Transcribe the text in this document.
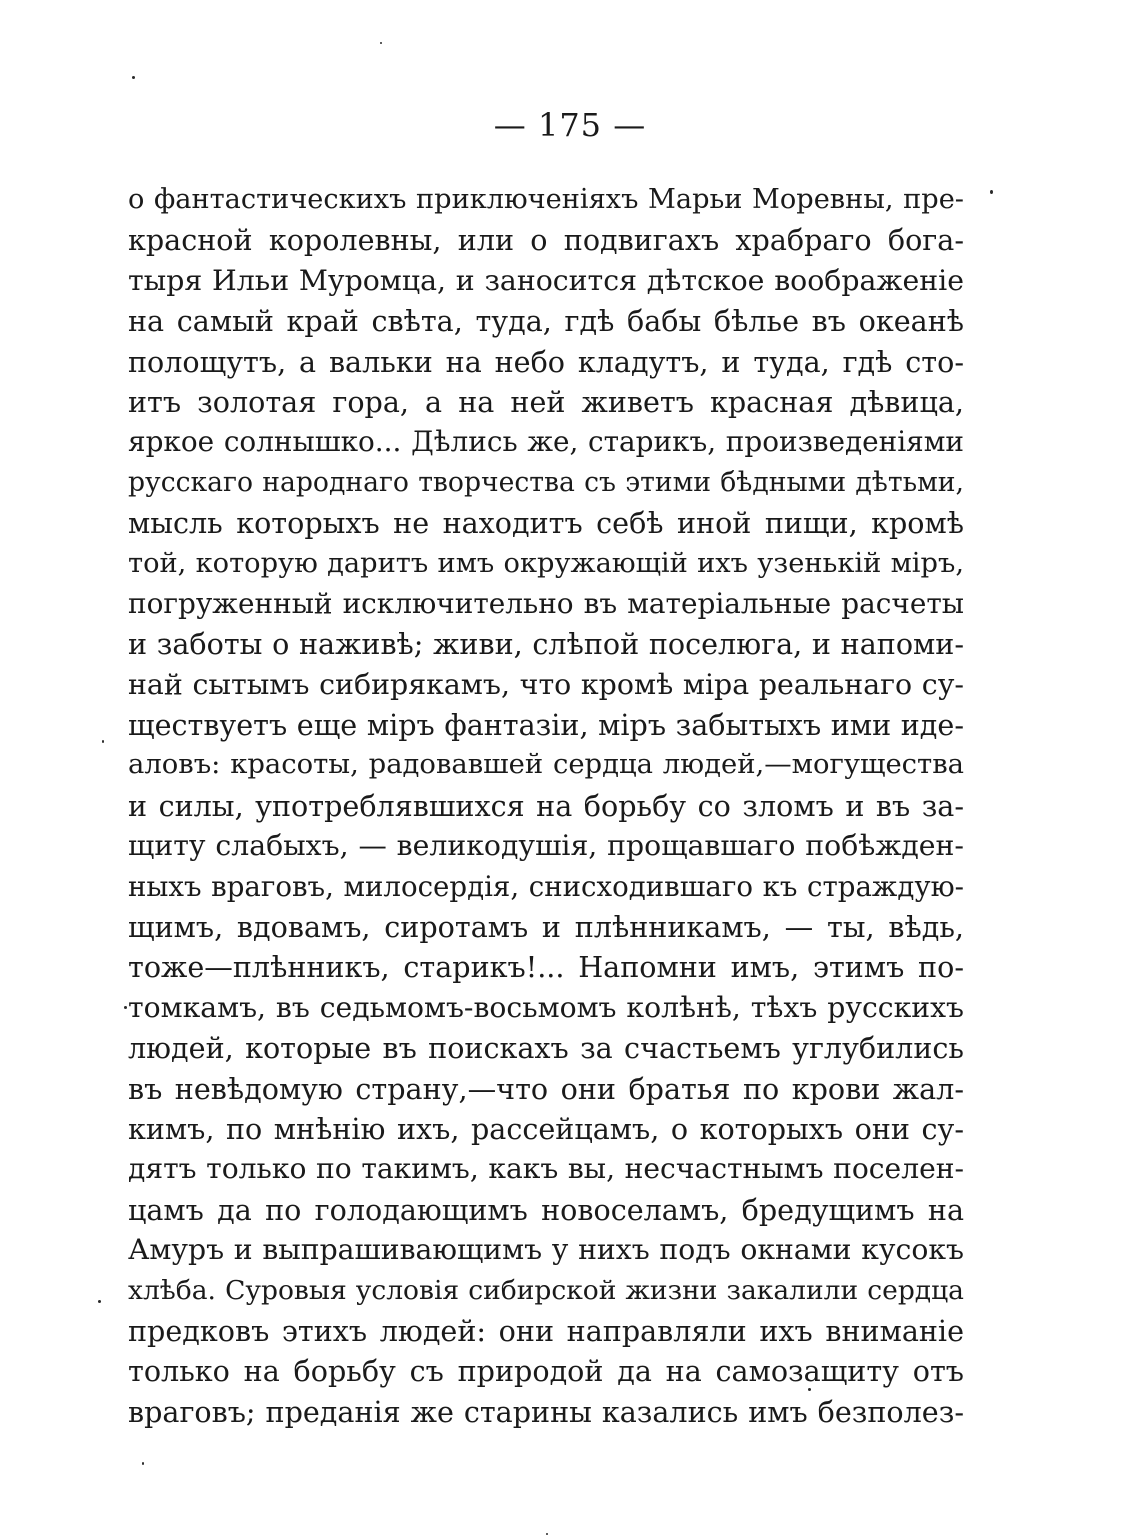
— 175 —
о фантастическихъ приключеніяхъ Марьи Моревны, пре-
красной королевны, или о подвигахъ храбраго бога-
тыря Ильи Муромца, и заносится дѣтское воображеніе
на самый край свѣта, туда, гдѣ бабы бѣлье въ океанѣ
полощутъ, а вальки на небо кладутъ, и туда, гдѣ сто-
итъ золотая гора, а на ней живетъ красная дѣвица,
яркое солнышко... Дѣлись же, старикъ, произведеніями
русскаго народнаго творчества съ этими бѣдными дѣтьми,
мысль которыхъ не находитъ себѣ иной пищи, кромѣ
той, которую даритъ имъ окружающій ихъ узенькій міръ,
погруженный исключительно въ матеріальные расчеты
и заботы о наживѣ; живи, слѣпой поселюга, и напоми-
най сытымъ сибирякамъ, что кромѣ міра реальнаго су-
ществуетъ еще міръ фантазіи, міръ забытыхъ ими иде-
аловъ: красоты, радовавшей сердца людей,—могущества
и силы, употреблявшихся на борьбу со зломъ и въ за-
щиту слабыхъ, — великодушія, прощавшаго побѣжден-
ныхъ враговъ, милосердія, снисходившаго къ страждую-
щимъ, вдовамъ, сиротамъ и плѣнникамъ, — ты, вѣдь,
тоже—плѣнникъ, старикъ!... Напомни имъ, этимъ по-
томкамъ, въ седьмомъ-восьмомъ колѣнѣ, тѣхъ русскихъ
людей, которые въ поискахъ за счастьемъ углубились
въ невѣдомую страну,—что они братья по крови жал-
кимъ, по мнѣнію ихъ, рассейцамъ, о которыхъ они су-
дятъ только по такимъ, какъ вы, несчастнымъ поселен-
цамъ да по голодающимъ новоселамъ, бредущимъ на
Амуръ и выпрашивающимъ у нихъ подъ окнами кусокъ
хлѣба. Суровыя условія сибирской жизни закалили сердца
предковъ этихъ людей: они направляли ихъ вниманіе
только на борьбу съ природой да на самозащиту отъ
враговъ; преданія же старины казались имъ безполез-
